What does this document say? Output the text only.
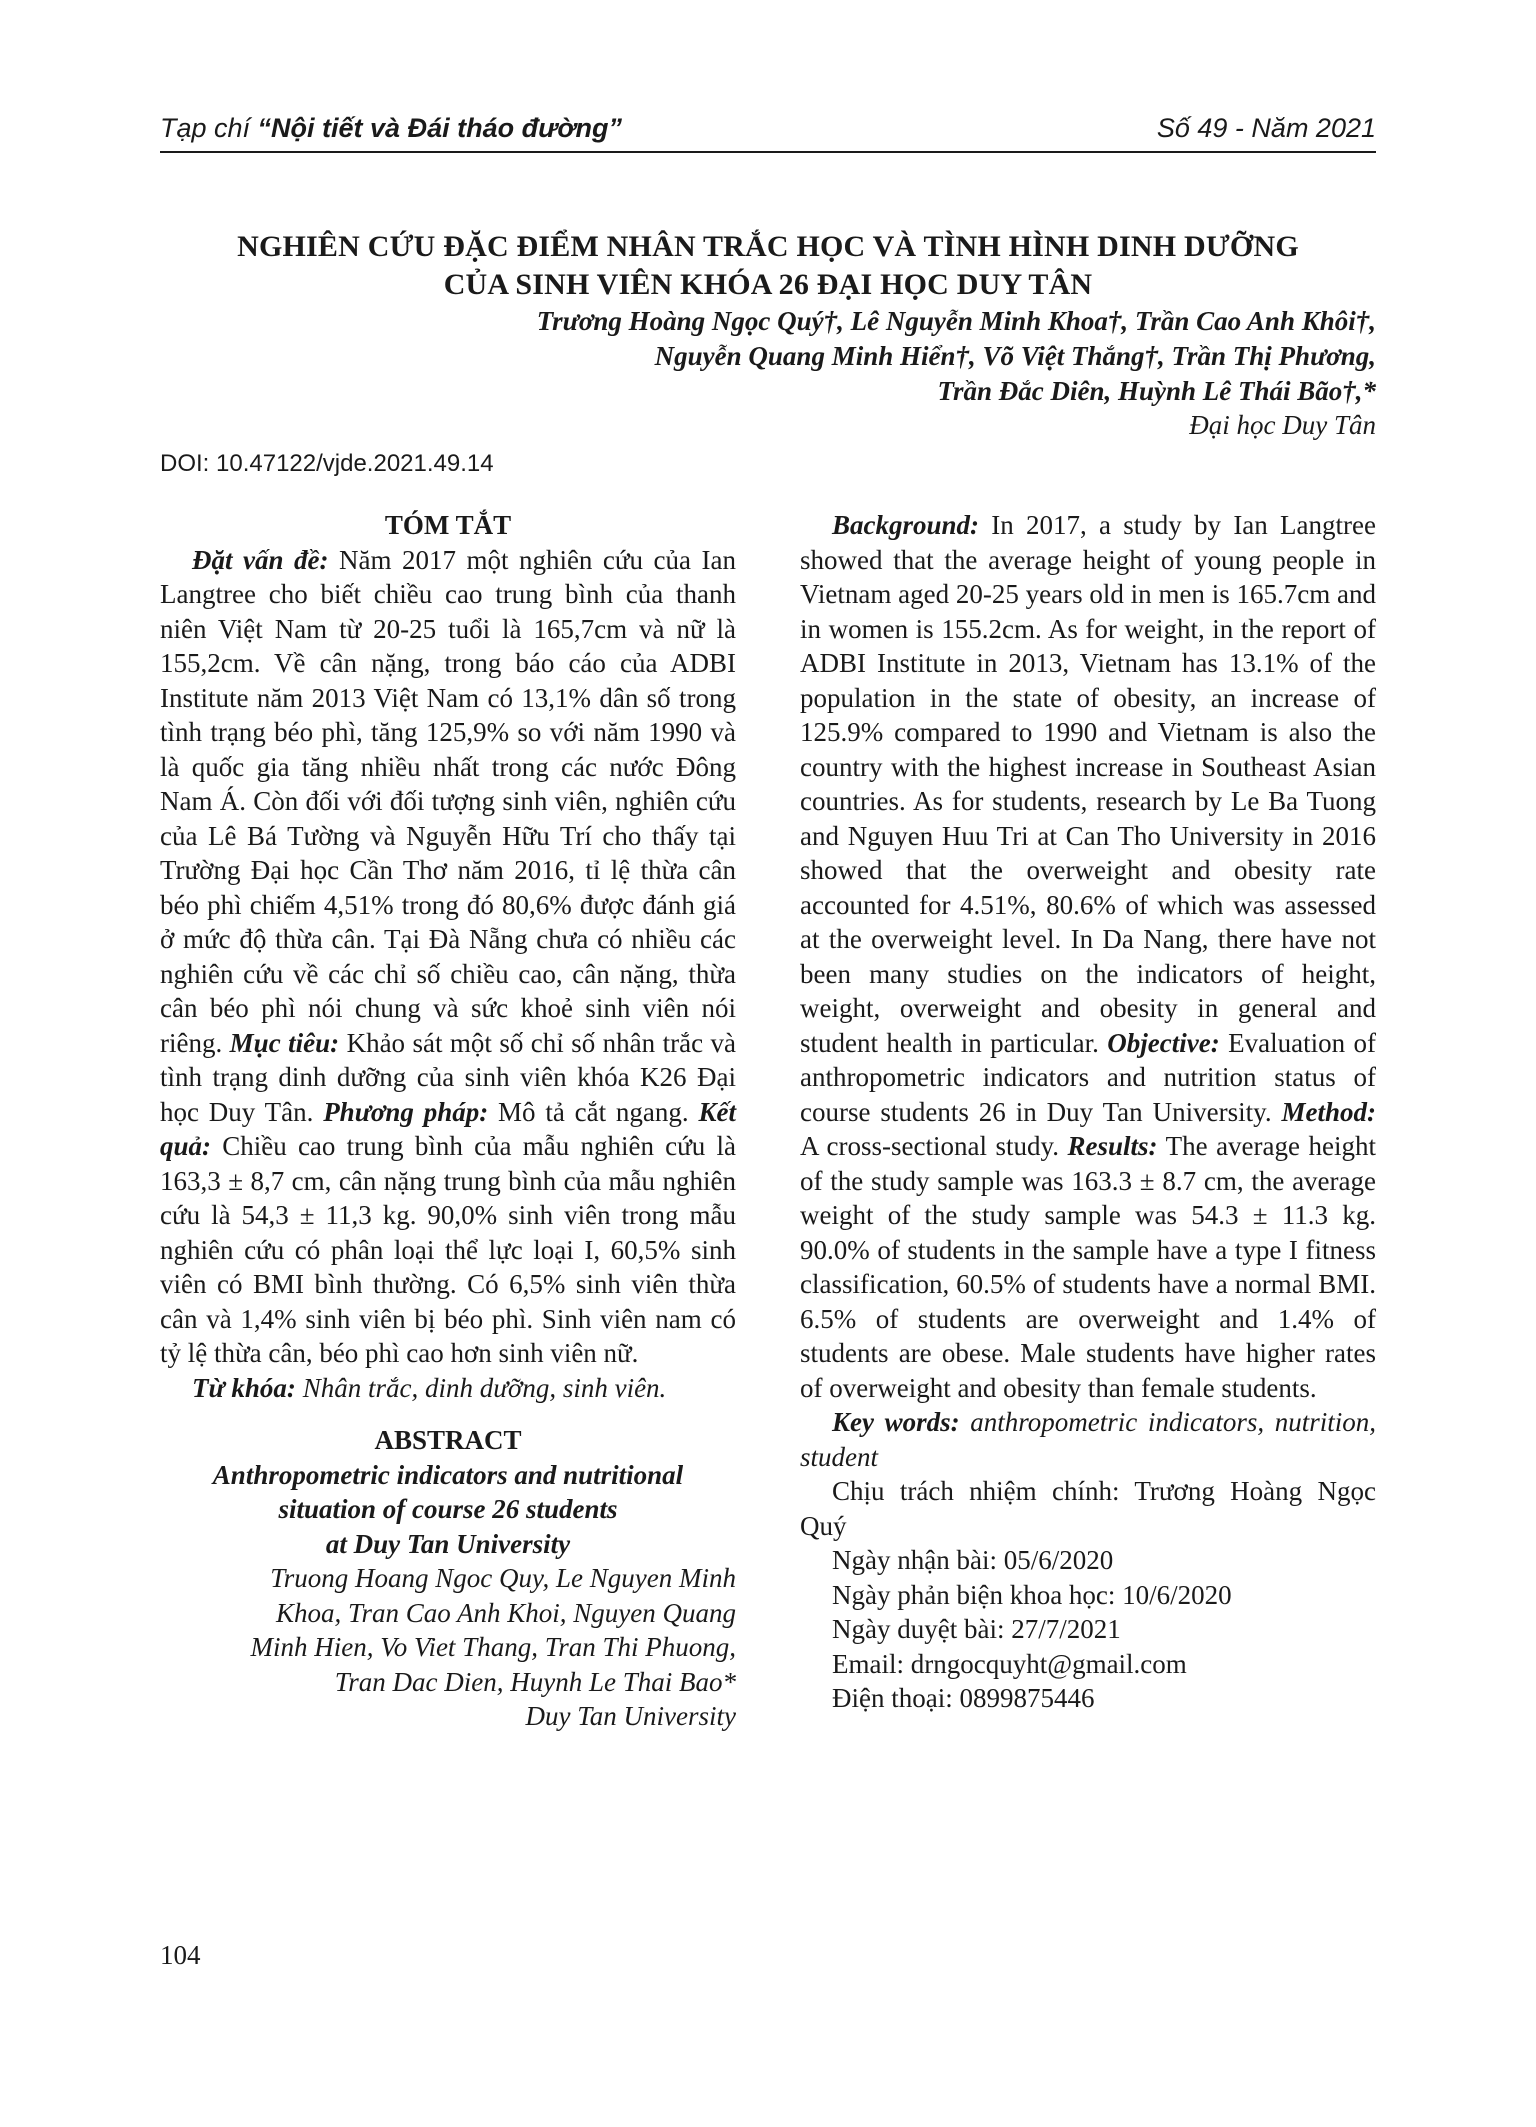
Tạp chí “Nội tiết và Đái tháo đường”	Số 49 - Năm 2021
NGHIÊN CỨU ĐẶC ĐIỂM NHÂN TRẮC HỌC VÀ TÌNH HÌNH DINH DƯỠNG
CỦA SINH VIÊN KHÓA 26 ĐẠI HỌC DUY TÂN
Trương Hoàng Ngọc Quý†, Lê Nguyễn Minh Khoa†, Trần Cao Anh Khôi†,
Nguyễn Quang Minh Hiển†, Võ Việt Thắng†, Trần Thị Phương,
Trần Đắc Diên, Huỳnh Lê Thái Bão†,*
Đại học Duy Tân
DOI: 10.47122/vjde.2021.49.14

TÓM TẮT

Đặt vấn đề: Năm 2017 một nghiên cứu của Ian Langtree cho biết chiều cao trung bình của thanh niên Việt Nam từ 20-25 tuổi là 165,7cm và nữ là 155,2cm. Về cân nặng, trong báo cáo của ADBI Institute năm 2013 Việt Nam có 13,1% dân số trong tình trạng béo phì, tăng 125,9% so với năm 1990 và là quốc gia tăng nhiều nhất trong các nước Đông Nam Á. Còn đối với đối tượng sinh viên, nghiên cứu của Lê Bá Tường và Nguyễn Hữu Trí cho thấy tại Trường Đại học Cần Thơ năm 2016, tỉ lệ thừa cân béo phì chiếm 4,51% trong đó 80,6% được đánh giá ở mức độ thừa cân. Tại Đà Nẵng chưa có nhiều các nghiên cứu về các chỉ số chiều cao, cân nặng, thừa cân béo phì nói chung và sức khoẻ sinh viên nói riêng. Mục tiêu: Khảo sát một số chỉ số nhân trắc và tình trạng dinh dưỡng của sinh viên khóa K26 Đại học Duy Tân. Phương pháp: Mô tả cắt ngang. Kết quả: Chiều cao trung bình của mẫu nghiên cứu là 163,3 ± 8,7 cm, cân nặng trung bình của mẫu nghiên cứu là 54,3 ± 11,3 kg. 90,0% sinh viên trong mẫu nghiên cứu có phân loại thể lực loại I, 60,5% sinh viên có BMI bình thường. Có 6,5% sinh viên thừa cân và 1,4% sinh viên bị béo phì. Sinh viên nam có tỷ lệ thừa cân, béo phì cao hơn sinh viên nữ.

Từ khóa: Nhân trắc, dinh dưỡng, sinh viên.

ABSTRACT

Anthropometric indicators and nutritional

situation of course 26 students

at Duy Tan University

Truong Hoang Ngoc Quy, Le Nguyen Minh

Khoa, Tran Cao Anh Khoi, Nguyen Quang

Minh Hien, Vo Viet Thang, Tran Thi Phuong,

Tran Dac Dien, Huynh Le Thai Bao*

Duy Tan University

Background: In 2017, a study by Ian Langtree showed that the average height of young people in Vietnam aged 20-25 years old in men is 165.7cm and in women is 155.2cm. As for weight, in the report of ADBI Institute in 2013, Vietnam has 13.1% of the population in the state of obesity, an increase of 125.9% compared to 1990 and Vietnam is also the country with the highest increase in Southeast Asian countries. As for students, research by Le Ba Tuong and Nguyen Huu Tri at Can Tho University in 2016 showed that the overweight and obesity rate accounted for 4.51%, 80.6% of which was assessed at the overweight level. In Da Nang, there have not been many studies on the indicators of height, weight, overweight and obesity in general and student health in particular. Objective: Evaluation of anthropometric indicators and nutrition status of course students 26 in Duy Tan University. Method: A cross-sectional study. Results: The average height of the study sample was 163.3 ± 8.7 cm, the average weight of the study sample was 54.3 ± 11.3 kg. 90.0% of students in the sample have a type I fitness classification, 60.5% of students have a normal BMI. 6.5% of students are overweight and 1.4% of students are obese. Male students have higher rates of overweight and obesity than female students.

Key words: anthropometric indicators, nutrition, student

Chịu trách nhiệm chính: Trương Hoàng Ngọc Quý

Ngày nhận bài: 05/6/2020

Ngày phản biện khoa học: 10/6/2020

Ngày duyệt bài: 27/7/2021

Email: drngocquyht@gmail.com

Điện thoại: 0899875446

104
